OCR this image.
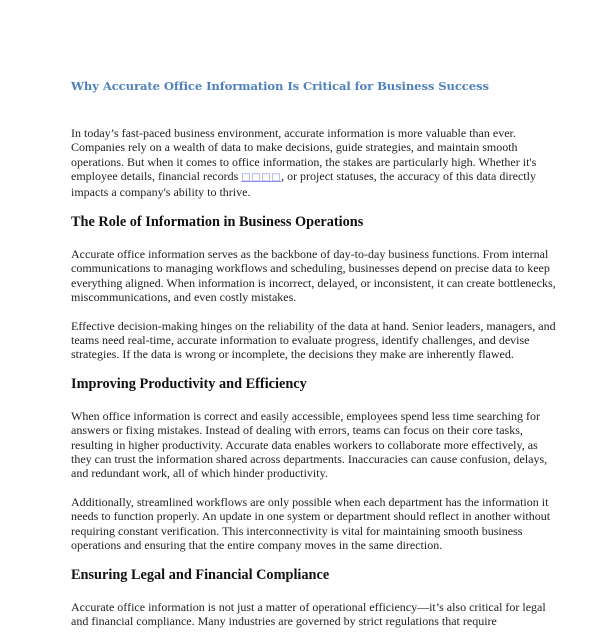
Why Accurate Office Information Is Critical for Business Success

In today’s fast-paced business environment, accurate information is more valuable than ever. Companies rely on a wealth of data to make decisions, guide strategies, and maintain smooth operations. But when it comes to office information, the stakes are particularly high. Whether it's employee details, financial records □□□□, or project statuses, the accuracy of this data directly impacts a company's ability to thrive.

The Role of Information in Business Operations

Accurate office information serves as the backbone of day-to-day business functions. From internal communications to managing workflows and scheduling, businesses depend on precise data to keep everything aligned. When information is incorrect, delayed, or inconsistent, it can create bottlenecks, miscommunications, and even costly mistakes.

Effective decision-making hinges on the reliability of the data at hand. Senior leaders, managers, and teams need real-time, accurate information to evaluate progress, identify challenges, and devise strategies. If the data is wrong or incomplete, the decisions they make are inherently flawed.

Improving Productivity and Efficiency

When office information is correct and easily accessible, employees spend less time searching for answers or fixing mistakes. Instead of dealing with errors, teams can focus on their core tasks, resulting in higher productivity. Accurate data enables workers to collaborate more effectively, as they can trust the information shared across departments. Inaccuracies can cause confusion, delays, and redundant work, all of which hinder productivity.

Additionally, streamlined workflows are only possible when each department has the information it needs to function properly. An update in one system or department should reflect in another without requiring constant verification. This interconnectivity is vital for maintaining smooth business operations and ensuring that the entire company moves in the same direction.

Ensuring Legal and Financial Compliance

Accurate office information is not just a matter of operational efficiency—it’s also critical for legal and financial compliance. Many industries are governed by strict regulations that require
